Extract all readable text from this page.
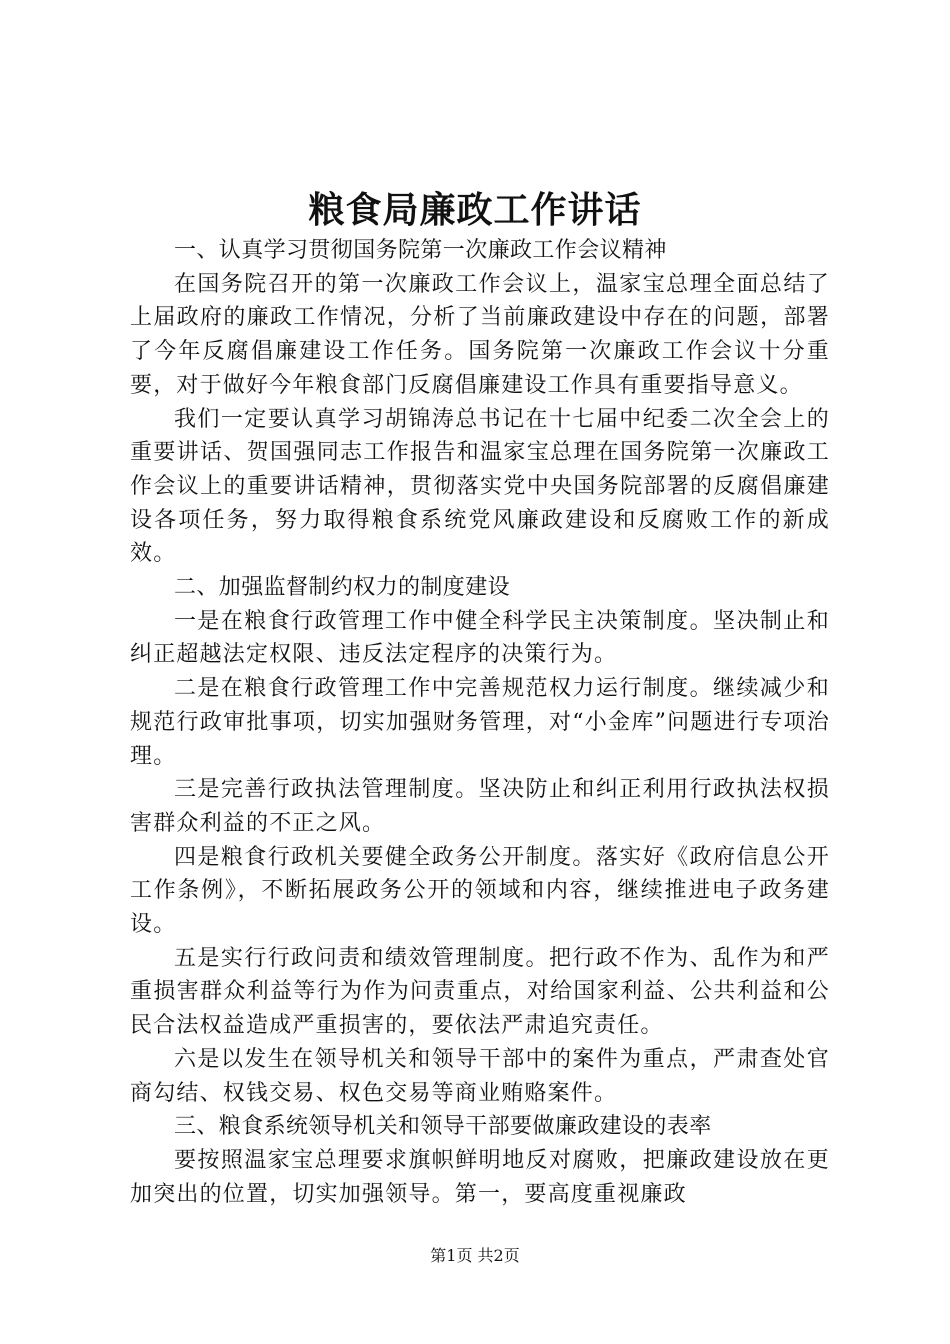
粮食局廉政工作讲话

一、认真学习贯彻国务院第一次廉政工作会议精神

在国务院召开的第一次廉政工作会议上，温家宝总理全面总结了上届政府的廉政工作情况，分析了当前廉政建设中存在的问题，部署了今年反腐倡廉建设工作任务。国务院第一次廉政工作会议十分重要，对于做好今年粮食部门反腐倡廉建设工作具有重要指导意义。

我们一定要认真学习胡锦涛总书记在十七届中纪委二次全会上的重要讲话、贺国强同志工作报告和温家宝总理在国务院第一次廉政工作会议上的重要讲话精神，贯彻落实党中央国务院部署的反腐倡廉建设各项任务，努力取得粮食系统党风廉政建设和反腐败工作的新成效。

二、加强监督制约权力的制度建设

一是在粮食行政管理工作中健全科学民主决策制度。坚决制止和纠正超越法定权限、违反法定程序的决策行为。

二是在粮食行政管理工作中完善规范权力运行制度。继续减少和规范行政审批事项，切实加强财务管理，对“小金库”问题进行专项治理。

三是完善行政执法管理制度。坚决防止和纠正利用行政执法权损害群众利益的不正之风。

四是粮食行政机关要健全政务公开制度。落实好《政府信息公开工作条例》，不断拓展政务公开的领域和内容，继续推进电子政务建设。

五是实行行政问责和绩效管理制度。把行政不作为、乱作为和严重损害群众利益等行为作为问责重点，对给国家利益、公共利益和公民合法权益造成严重损害的，要依法严肃追究责任。

六是以发生在领导机关和领导干部中的案件为重点，严肃查处官商勾结、权钱交易、权色交易等商业贿赂案件。

三、粮食系统领导机关和领导干部要做廉政建设的表率

要按照温家宝总理要求旗帜鲜明地反对腐败，把廉政建设放在更加突出的位置，切实加强领导。第一，要高度重视廉政

第1页 共2页
